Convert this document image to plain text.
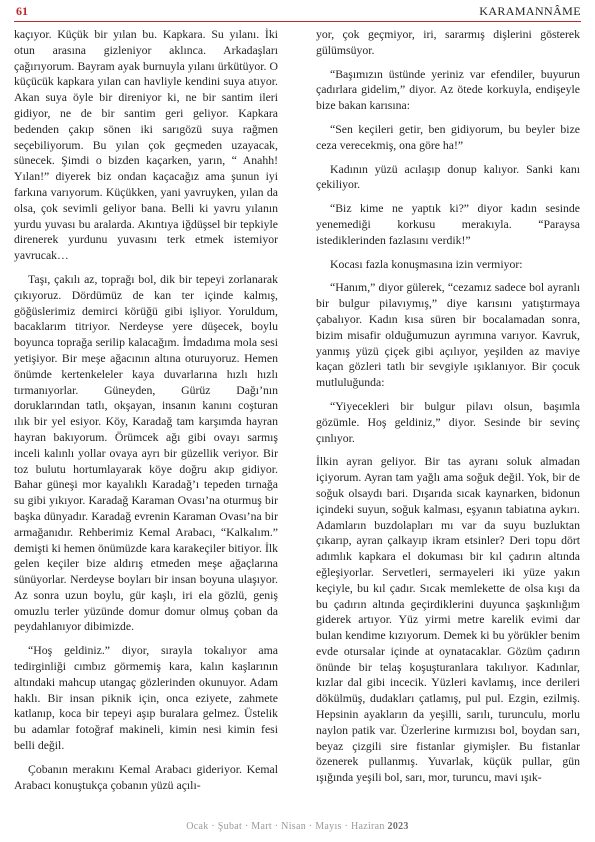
61	KARAMANNÂME

kaçıyor. Küçük bir yılan bu. Kapkara. Su yılanı. İki otun arasına gizleniyor aklınca. Arkadaşları çağırıyorum. Bayram ayak burnuyla yılanı ürkütüyor. O küçücük kapkara yılan can havliyle kendini suya atıyor. Akan suya öyle bir direniyor ki, ne bir santim ileri gidiyor, ne de bir santim geri geliyor. Kapkara bedenden çakıp sönen iki sarıgözü suya rağmen seçebiliyorum. Bu yılan çok geçmeden uzayacak, sünecek. Şimdi o bizden kaçarken, yarın, “ Anahh! Yılan!” diyerek biz ondan kaçacağız ama şunun iyi farkına varıyorum. Küçükken, yani yavruyken, yılan da olsa, çok sevimli geliyor bana. Belli ki yavru yılanın yurdu yuvası bu aralarda. Akıntıya iğdüşsel bir tepkiyle direnerek yurdunu yuvasını terk etmek istemiyor yavrucak…

Taşı, çakılı az, toprağı bol, dik bir tepeyi zorlanarak çıkıyoruz. Dördümüz de kan ter içinde kalmış, göğüslerimiz demirci körüğü gibi işliyor. Yoruldum, bacaklarım titriyor. Nerdeyse yere düşecek, boylu boyunca toprağa serilip kalacağım. İmdadıma mola sesi yetişiyor. Bir meşe ağacının altına oturuyoruz. Hemen önümde kertenkeleler kaya duvarlarına hızlı hızlı tırmanıyorlar. Güneyden, Gürüz Dağı’nın doruklarından tatlı, okşayan, insanın kanını coşturan ılık bir yel esiyor. Köy, Karadağ tam karşımda hayran hayran bakıyorum. Örümcek ağı gibi ovayı sarmış inceli kalınlı yollar ovaya ayrı bir güzellik veriyor. Bir toz bulutu hortumlayarak köye doğru akıp gidiyor. Bahar güneşi mor kayalıklı Karadağ’ı tepeden tırnağa su gibi yıkıyor. Karadağ Karaman Ovası’na oturmuş bir başka dünyadır. Karadağ evrenin Karaman Ovası’na bir armağanıdır. Rehberimiz Kemal Arabacı, “Kalkalım.” demişti ki hemen önümüzde kara karakeçiler bitiyor. İlk gelen keçiler bize aldırış etmeden meşe ağaçlarına sünüyorlar. Nerdeyse boyları bir insan boyuna ulaşıyor. Az sonra uzun boylu, gür kaşlı, iri ela gözlü, geniş omuzlu terler yüzünde domur domur olmuş çoban da peydahlanıyor dibimizde.

“Hoş geldiniz.” diyor, sırayla tokalıyor ama tedirginliği cımbız görmemiş kara, kalın kaşlarının altındaki mahcup utangaç gözlerinden okunuyor. Adam haklı. Bir insan piknik için, onca eziyete, zahmete katlanıp, koca bir tepeyi aşıp buralara gelmez. Üstelik bu adamlar fotoğraf makineli, kimin nesi kimin fesi belli değil.

Çobanın merakını Kemal Arabacı gideriyor. Kemal Arabacı konuştukça çobanın yüzü açılı-

yor, çok geçmiyor, iri, sararmış dişlerini gösterek gülümsüyor.

“Başımızın üstünde yeriniz var efendiler, buyurun çadırlara gidelim,” diyor. Az ötede korkuyla, endişeyle bize bakan karısına:

“Sen keçileri getir, ben gidiyorum, bu beyler bize ceza verecekmiş, ona göre ha!”

Kadının yüzü acılaşıp donup kalıyor. Sanki kanı çekiliyor.

“Biz kime ne yaptık ki?” diyor kadın sesinde yenemediği korkusu merakıyla. “Paraysa istediklerinden fazlasını verdik!”

Kocası fazla konuşmasına izin vermiyor:

“Hanım,” diyor gülerek, “cezamız sadece bol ayranlı bir bulgur pilavıymış,” diye karısını yatıştırmaya çabalıyor. Kadın kısa süren bir bocalamadan sonra, bizim misafir olduğumuzun ayrımına varıyor. Kavruk, yanmış yüzü çiçek gibi açılıyor, yeşilden az maviye kaçan gözleri tatlı bir sevgiyle ışıklanıyor. Bir çocuk mutluluğunda:

“Yiyecekleri bir bulgur pilavı olsun, başımla gözümle. Hoş geldiniz,” diyor. Sesinde bir sevinç çınlıyor.

İlkin ayran geliyor. Bir tas ayranı soluk almadan içiyorum. Ayran tam yağlı ama soğuk değil. Yok, bir de soğuk olsaydı bari. Dışarıda sıcak kaynarken, bidonun içindeki suyun, soğuk kalması, eşyanın tabiatına aykırı. Adamların buzdolapları mı var da suyu buzluktan çıkarıp, ayran çalkayıp ikram etsinler? Deri topu dört adımlık kapkara el dokuması bir kıl çadırın altında eğleşiyorlar. Servetleri, sermayeleri iki yüze yakın keçiyle, bu kıl çadır. Sıcak memlekette de olsa kışı da bu çadırın altında geçirdiklerini duyunca şaşkınlığım giderek artıyor. Yüz yirmi metre karelik evimi dar bulan kendime kızıyorum. Demek ki bu yörükler benim evde otursalar içinde at oynatacaklar. Gözüm çadırın önünde bir telaş koşuşturanlara takılıyor. Kadınlar, kızlar dal gibi incecik. Yüzleri kavlamış, ince derileri dökülmüş, dudakları çatlamış, pul pul. Ezgin, ezilmiş. Hepsinin ayakların da yeşilli, sarılı, turunculu, morlu naylon patik var. Üzerlerine kırmızısı bol, boydan sarı, beyaz çizgili sire fistanlar giymişler. Bu fistanlar özenerek pullanmış. Yuvarlak, küçük pullar, gün ışığında yeşili bol, sarı, mor, turuncu, mavi ışık-

Ocak · Şubat · Mart · Nisan · Mayıs · Haziran 2023
